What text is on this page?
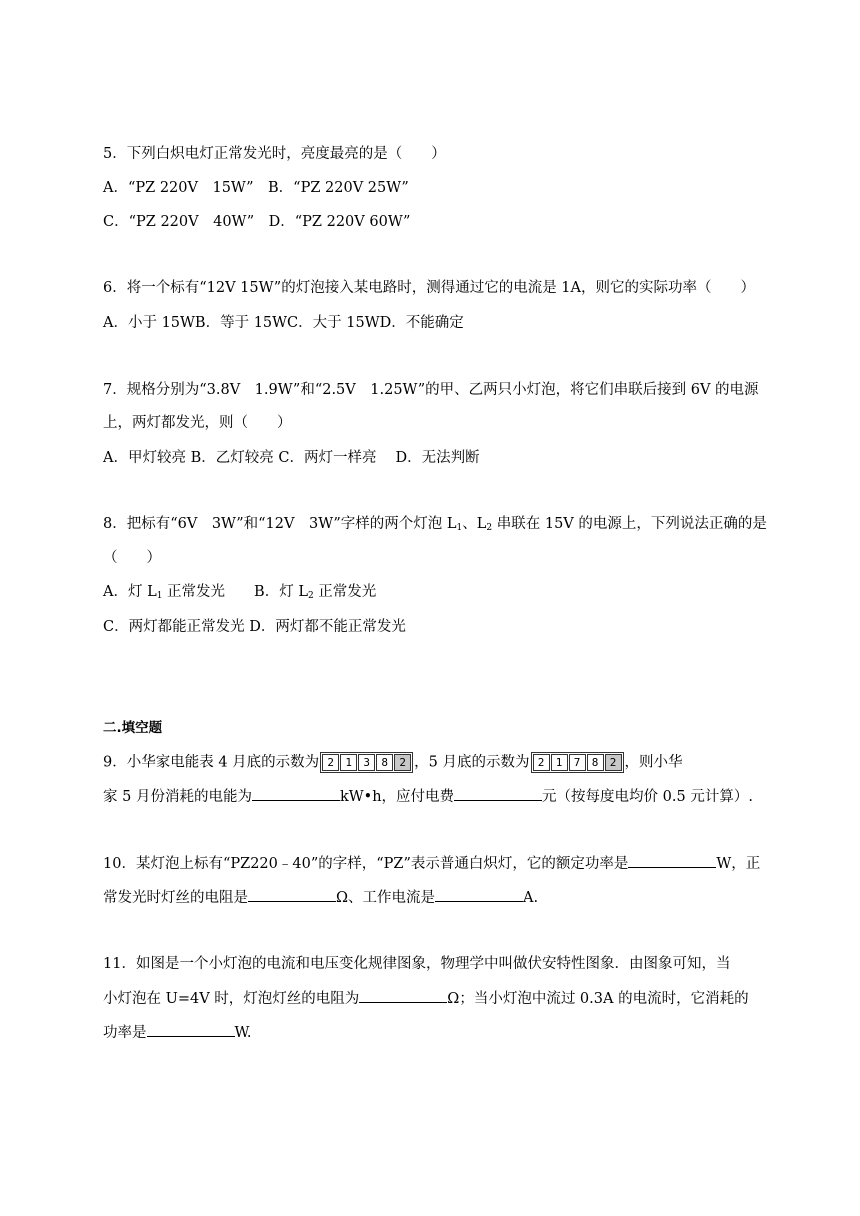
5．下列白炽电灯正常发光时，亮度最亮的是（　　）
A．“PZ 220V　15W”　B．“PZ 220V 25W”
C．“PZ 220V　40W”　D．“PZ 220V 60W”
6．将一个标有“12V 15W”的灯泡接入某电路时，测得通过它的电流是 1A，则它的实际功率（　　）
A．小于 15WB．等于 15WC．大于 15WD．不能确定
7．规格分别为“3.8V　1.9W”和“2.5V　1.25W”的甲、乙两只小灯泡，将它们串联后接到 6V 的电源
上，两灯都发光，则（　　）
A．甲灯较亮 B．乙灯较亮 C．两灯一样亮　 D．无法判断
8．把标有“6V　3W”和“12V　3W”字样的两个灯泡 $L_1$、$L_2$ 串联在 15V 的电源上，下列说法正确的是
（　　）
A．灯 $L_1$ 正常发光　　B．灯 $L_2$ 正常发光
C．两灯都能正常发光 D．两灯都不能正常发光
二.填空题
9．小华家电能表 4 月底的示数为 2	1	3	8	2 ，5 月底的示数为 2	1	7	8	2 ，则小华
家 5 月份消耗的电能为	kW•h，应付电费	元（按每度电均价 0.5 元计算）.
10．某灯泡上标有“PZ220﹣40”的字样，“PZ”表示普通白炽灯，它的额定功率是	W，正
常发光时灯丝的电阻是	Ω、工作电流是	A.
11．如图是一个小灯泡的电流和电压变化规律图象，物理学中叫做伏安特性图象．由图象可知，当
小灯泡在 U=4V 时，灯泡灯丝的电阻为	Ω；当小灯泡中流过 0.3A 的电流时，它消耗的
功率是	W.
